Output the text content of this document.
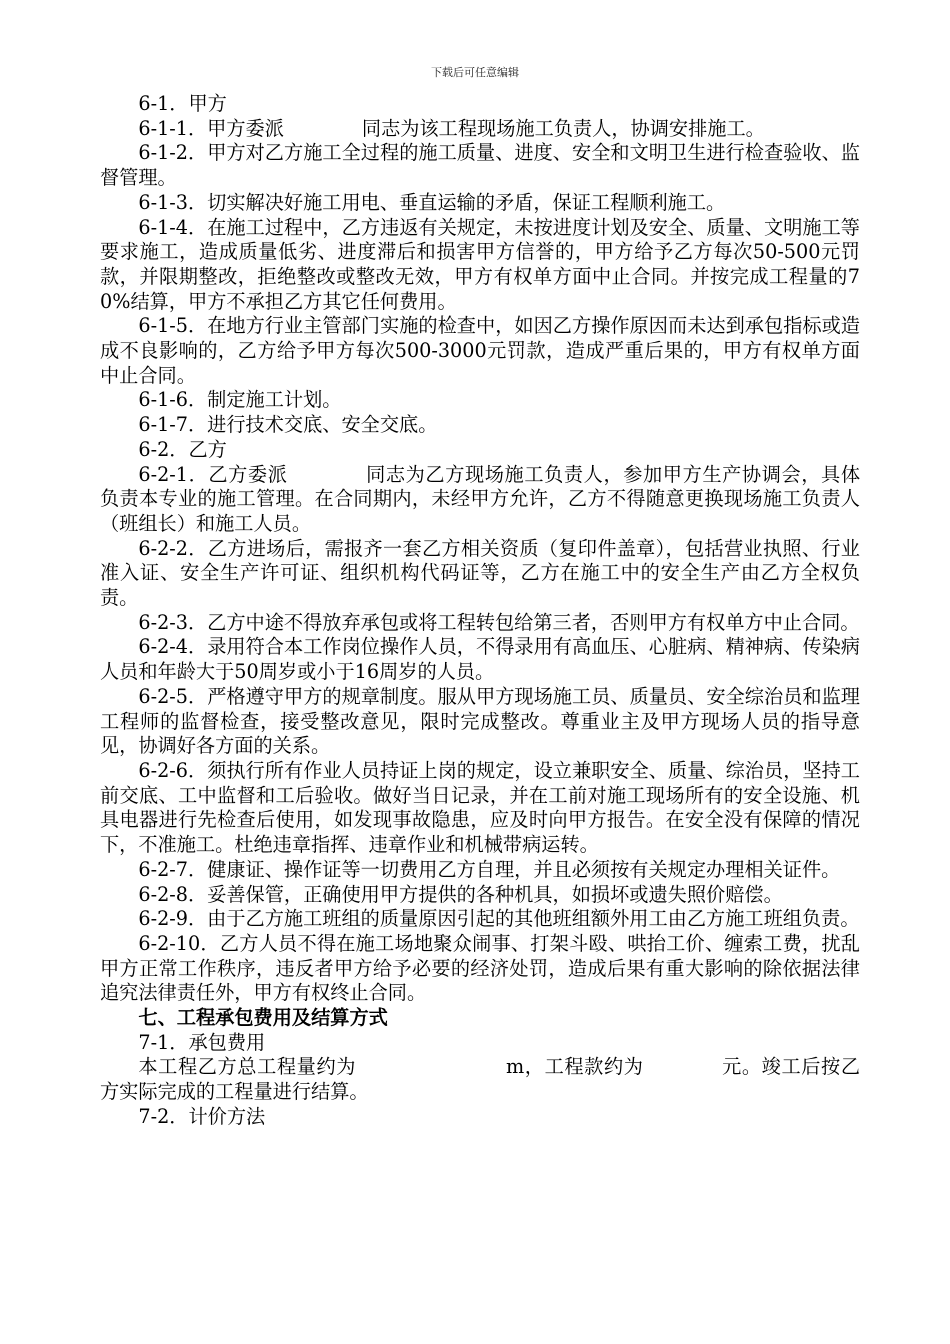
下载后可任意编辑

6-1．甲方

6-1-1．甲方委派	同志为该工程现场施工负责人，协调安排施工。

6-1-2．甲方对乙方施工全过程的施工质量、进度、安全和文明卫生进行检查验收、监督管理。

6-1-3．切实解决好施工用电、垂直运输的矛盾，保证工程顺利施工。

6-1-4．在施工过程中，乙方违返有关规定，未按进度计划及安全、质量、文明施工等要求施工，造成质量低劣、进度滞后和损害甲方信誉的，甲方给予乙方每次50-500元罚款，并限期整改，拒绝整改或整改无效，甲方有权单方面中止合同。并按完成工程量的70%结算，甲方不承担乙方其它任何费用。

6-1-5．在地方行业主管部门实施的检查中，如因乙方操作原因而未达到承包指标或造成不良影响的，乙方给予甲方每次500-3000元罚款，造成严重后果的，甲方有权单方面中止合同。

6-1-6．制定施工计划。

6-1-7．进行技术交底、安全交底。

6-2．乙方

6-2-1．乙方委派	同志为乙方现场施工负责人，参加甲方生产协调会，具体负责本专业的施工管理。在合同期内，未经甲方允许，乙方不得随意更换现场施工负责人（班组长）和施工人员。

6-2-2．乙方进场后，需报齐一套乙方相关资质（复印件盖章），包括营业执照、行业准入证、安全生产许可证、组织机构代码证等，乙方在施工中的安全生产由乙方全权负责。

6-2-3．乙方中途不得放弃承包或将工程转包给第三者，否则甲方有权单方中止合同。

6-2-4．录用符合本工作岗位操作人员，不得录用有高血压、心脏病、精神病、传染病人员和年龄大于50周岁或小于16周岁的人员。

6-2-5．严格遵守甲方的规章制度。服从甲方现场施工员、质量员、安全综治员和监理工程师的监督检查，接受整改意见，限时完成整改。尊重业主及甲方现场人员的指导意见，协调好各方面的关系。

6-2-6．须执行所有作业人员持证上岗的规定，设立兼职安全、质量、综治员，坚持工前交底、工中监督和工后验收。做好当日记录，并在工前对施工现场所有的安全设施、机具电器进行先检查后使用，如发现事故隐患，应及时向甲方报告。在安全没有保障的情况下，不准施工。杜绝违章指挥、违章作业和机械带病运转。

6-2-7．健康证、操作证等一切费用乙方自理，并且必须按有关规定办理相关证件。

6-2-8．妥善保管，正确使用甲方提供的各种机具，如损坏或遗失照价赔偿。

6-2-9．由于乙方施工班组的质量原因引起的其他班组额外用工由乙方施工班组负责。

6-2-10．乙方人员不得在施工场地聚众闹事、打架斗殴、哄抬工价、缠索工费，扰乱甲方正常工作秩序，违反者甲方给予必要的经济处罚，造成后果有重大影响的除依据法律追究法律责任外，甲方有权终止合同。

七、工程承包费用及结算方式

7-1．承包费用

本工程乙方总工程量约为	m，工程款约为	元。竣工后按乙方实际完成的工程量进行结算。

7-2．计价方法
